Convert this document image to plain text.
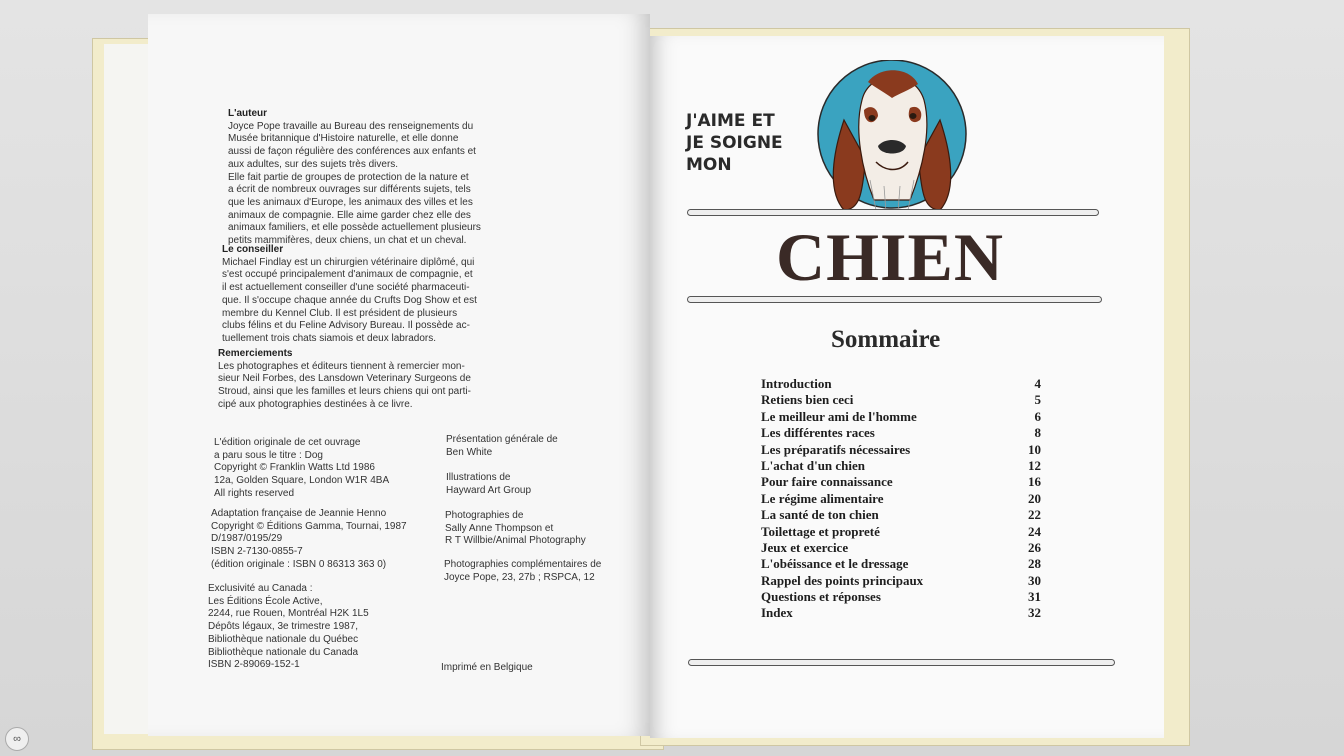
L'auteur
Joyce Pope travaille au Bureau des renseignements du
Musée britannique d'Histoire naturelle, et elle donne
aussi de façon régulière des conférences aux enfants et
aux adultes, sur des sujets très divers.
Elle fait partie de groupes de protection de la nature et
a écrit de nombreux ouvrages sur différents sujets, tels
que les animaux d'Europe, les animaux des villes et les
animaux de compagnie. Elle aime garder chez elle des
animaux familiers, et elle possède actuellement plusieurs
petits mammifères, deux chiens, un chat et un cheval.
Le conseiller
Michael Findlay est un chirurgien vétérinaire diplômé, qui
s'est occupé principalement d'animaux de compagnie, et
il est actuellement conseiller d'une société pharmaceuti-
que. Il s'occupe chaque année du Crufts Dog Show et est
membre du Kennel Club. Il est président de plusieurs
clubs félins et du Feline Advisory Bureau. Il possède ac-
tuellement trois chats siamois et deux labradors.
Remerciements
Les photographes et éditeurs tiennent à remercier mon-
sieur Neil Forbes, des Lansdown Veterinary Surgeons de
Stroud, ainsi que les familles et leurs chiens qui ont parti-
cipé aux photographies destinées à ce livre.
L'édition originale de cet ouvrage
a paru sous le titre : Dog
Copyright © Franklin Watts Ltd 1986
12a, Golden Square, London W1R 4BA
All rights reserved
Adaptation française de Jeannie Henno
Copyright © Éditions Gamma, Tournai, 1987
D/1987/0195/29
ISBN 2-7130-0855-7
(édition originale : ISBN 0 86313 363 0)
Exclusivité au Canada :
Les Éditions École Active,
2244, rue Rouen, Montréal H2K 1L5
Dépôts légaux, 3e trimestre 1987,
Bibliothèque nationale du Québec
Bibliothèque nationale du Canada
ISBN 2-89069-152-1
Présentation générale de
Ben White
Illustrations de
Hayward Art Group
Photographies de
Sally Anne Thompson et
R T Willbie/Animal Photography
Photographies complémentaires de
Joyce Pope, 23, 27b ; RSPCA, 12
Imprimé en Belgique
J'AIME ET
JE SOIGNE
MON
CHIEN
Sommaire
Introduction	4
Retiens bien ceci	5
Le meilleur ami de l'homme	6
Les différentes races	8
Les préparatifs nécessaires	10
L'achat d'un chien	12
Pour faire connaissance	16
Le régime alimentaire	20
La santé de ton chien	22
Toilettage et propreté	24
Jeux et exercice	26
L'obéissance et le dressage	28
Rappel des points principaux	30
Questions et réponses	31
Index	32
∞
